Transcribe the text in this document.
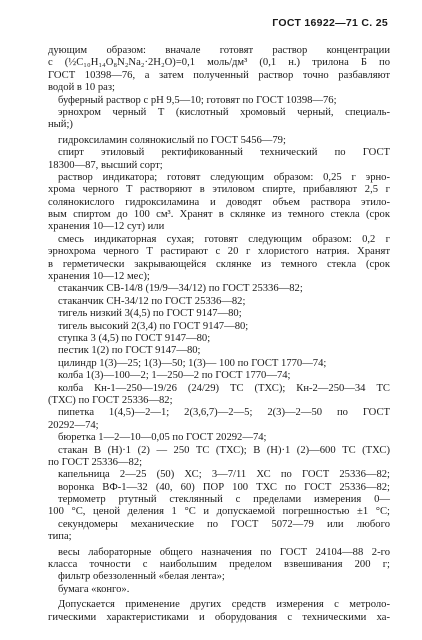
ГОСТ 16922—71 С. 25
дующим образом: вначале готовят раствор концентрации
c (½C₁₀H₁₄O₈N₂Na₂·2H₂O)=0,1 моль/дм³ (0,1 н.) трилона Б по
ГОСТ 10398—76, а затем полученный раствор точно разбавляют
водой в 10 раз;
буферный раствор с pH 9,5—10; готовят по ГОСТ 10398—76;
эрнохром черный Т (кислотный хромовый черный, специаль-
ный;)
гидроксиламин солянокислый по ГОСТ 5456—79;
спирт этиловый ректификованный технический по ГОСТ
18300—87, высший сорт;
раствор индикатора; готовят следующим образом: 0,25 г эрно-
хрома черного Т растворяют в этиловом спирте, прибавляют 2,5 г
солянокислого гидроксиламина и доводят объем раствора этило-
вым спиртом до 100 см³. Хранят в склянке из темного стекла (срок
хранения 10—12 сут) или
смесь индикаторная сухая; готовят следующим образом: 0,2 г
эрнохрома черного Т растирают с 20 г хлористого натрия. Хранят
в герметически закрывающейся склянке из темного стекла (срок
хранения 10—12 мес);
стаканчик СВ-14/8 (19/9—34/12) по ГОСТ 25336—82;
стаканчик СН-34/12 по ГОСТ 25336—82;
тигель низкий 3(4,5) по ГОСТ 9147—80;
тигель высокий 2(3,4) по ГОСТ 9147—80;
ступка 3 (4,5) по ГОСТ 9147—80;
пестик 1(2) по ГОСТ 9147—80;
цилиндр 1(3)—25; 1(3)—50; 1(3)— 100 по ГОСТ 1770—74;
колба 1(3)—100—2; 1—250—2 по ГОСТ 1770—74;
колба Кн-1—250—19/26 (24/29) ТС (ТХС); Кн-2—250—34 ТС
(ТХС) по ГОСТ 25336—82;
пипетка 1(4,5)—2—1; 2(3,6,7)—2—5; 2(3)—2—50 по ГОСТ
20292—74;
бюретка 1—2—10—0,05 по ГОСТ 20292—74;
стакан В (Н)·1 (2) — 250 ТС (ТХС); В (Н)·1 (2)—600 ТС (ТХС)
по ГОСТ 25336—82;
капельница 2—25 (50) ХС; 3—7/11 ХС по ГОСТ 25336—82;
воронка ВФ-1—32 (40, 60) ПОР 100 ТХС по ГОСТ 25336—82;
термометр ртутный стеклянный с пределами измерения 0—
100 °С, ценой деления 1 °С и допускаемой погрешностью ±1 °С;
секундомеры механические по ГОСТ 5072—79 или любого
типа;
весы лабораторные общего назначения по ГОСТ 24104—88 2-го
класса точности с наибольшим пределом взвешивания 200 г;
фильтр обеззоленный «белая лента»;
бумага «конго».
Допускается применение других средств измерения с метроло-
гическими характеристиками и оборудования с техническими ха-
